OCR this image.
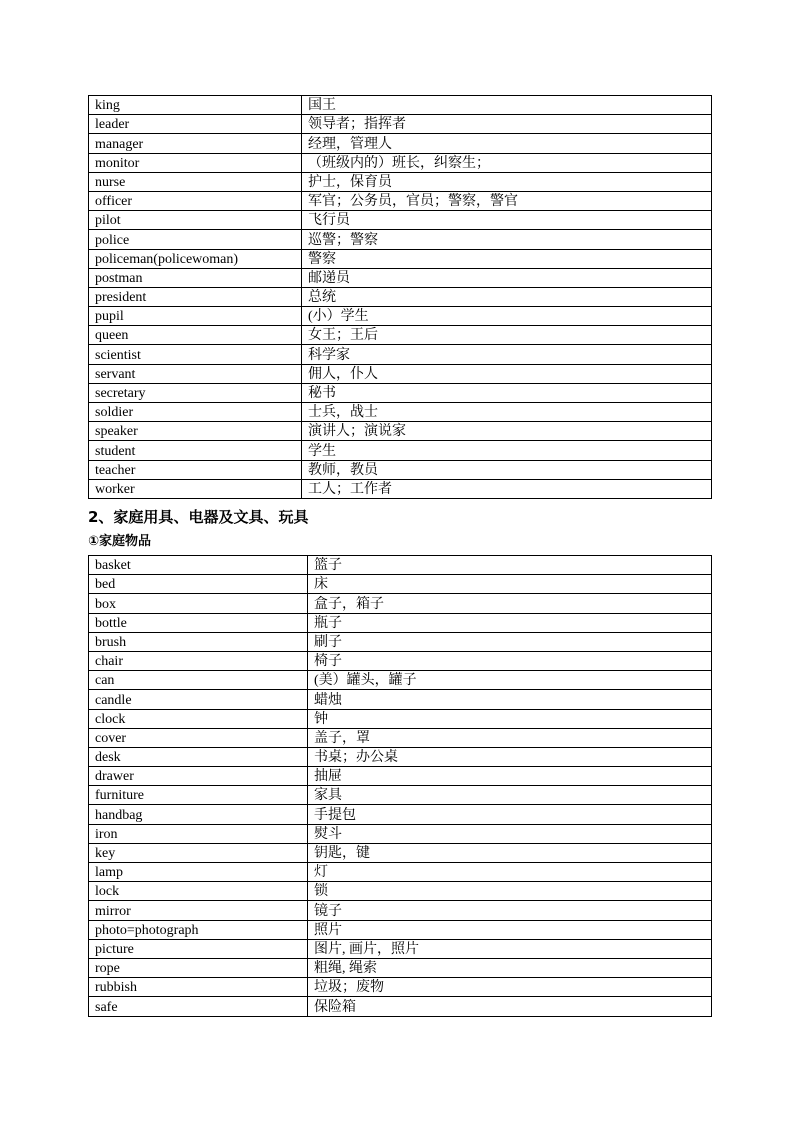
king	国王
leader	领导者；指挥者
manager	经理，管理人
monitor	（班级内的）班长，纠察生；
nurse	护士，保育员
officer	军官；公务员，官员；警察，警官
pilot	飞行员
police	巡警；警察
policeman(policewoman)	警察
postman	邮递员
president	总统
pupil	(小）学生
queen	女王；王后
scientist	科学家
servant	佣人，仆人
secretary	秘书
soldier	士兵，战士
speaker	演讲人；演说家
student	学生
teacher	教师，教员
worker	工人；工作者
2、家庭用具、电器及文具、玩具
①家庭物品
basket	篮子
bed	床
box	盒子，箱子
bottle	瓶子
brush	刷子
chair	椅子
can	(美）罐头，罐子
candle	蜡烛
clock	钟
cover	盖子，罩
desk	书桌；办公桌
drawer	抽屉
furniture	家具
handbag	手提包
iron	熨斗
key	钥匙，键
lamp	灯
lock	锁
mirror	镜子
photo=photograph	照片
picture	图片, 画片，照片
rope	粗绳, 绳索
rubbish	垃圾；废物
safe	保险箱
